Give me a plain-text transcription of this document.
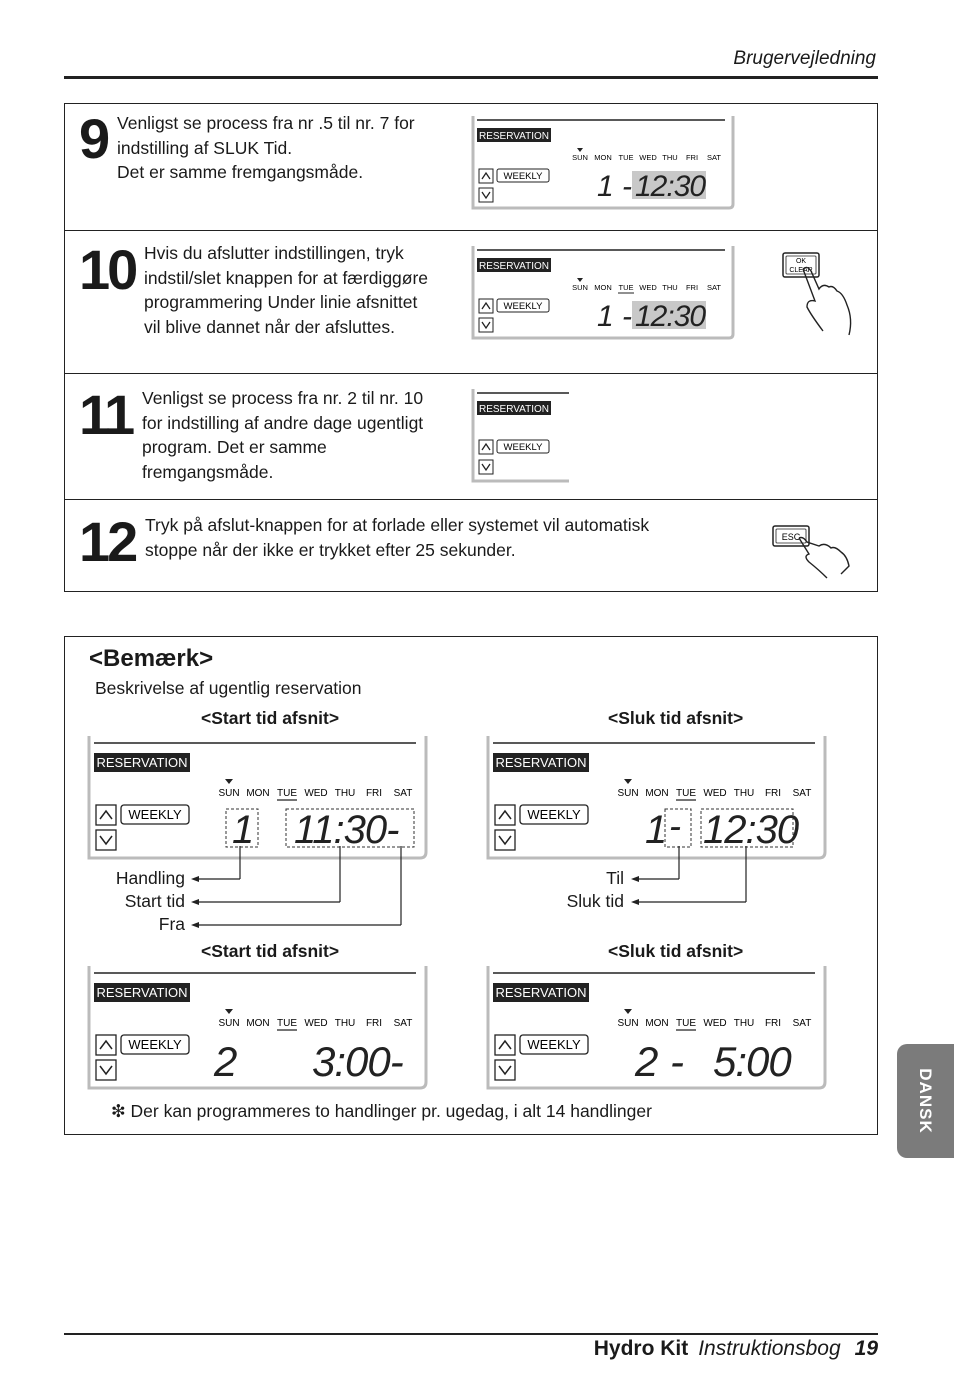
Brugervejledning
9 Venligst se process fra nr .5 til nr. 7 for
indstilling af SLUK Tid.
Det er samme fremgangsmåde.
RESERVATION
SUN MON TUE WED THU FRI SAT
WEEKLY 1 - 12:30
10 Hvis du afslutter indstillingen, tryk
indstil/slet knappen for at færdiggøre
programmering Under linie afsnittet
vil blive dannet når der afsluttes.
RESERVATION
SUN MON TUE WED THU FRI SAT
WEEKLY 1 - 12:30
OK
CLEAR
11 Venligst se process fra nr. 2 til nr. 10
for indstilling af andre dage ugentligt
program. Det er samme
fremgangsmåde.
RESERVATION
WEEKLY
12 Tryk på afslut-knappen for at forlade eller systemet vil automatisk
stoppe når der ikke er trykket efter 25 sekunder.
ESC
<Bemærk>
Beskrivelse af ugentlig reservation
<Start tid afsnit>	<Sluk tid afsnit>
<Start tid afsnit>	<Sluk tid afsnit>
RESERVATION
SUN MON TUE WED THU FRI SAT
WEEKLY 1 11:30-
RESERVATION
SUN MON TUE WED THU FRI SAT
WEEKLY 1 - 12:30
Handling
Start tid
Fra
Til
Sluk tid
RESERVATION
SUN MON TUE WED THU FRI SAT
WEEKLY 2 3:00-
RESERVATION
SUN MON TUE WED THU FRI SAT
WEEKLY 2 - 5:00
❇ Der kan programmeres to handlinger pr. ugedag, i alt 14 handlinger	DANSK
Hydro Kit Instruktionsbog 19
